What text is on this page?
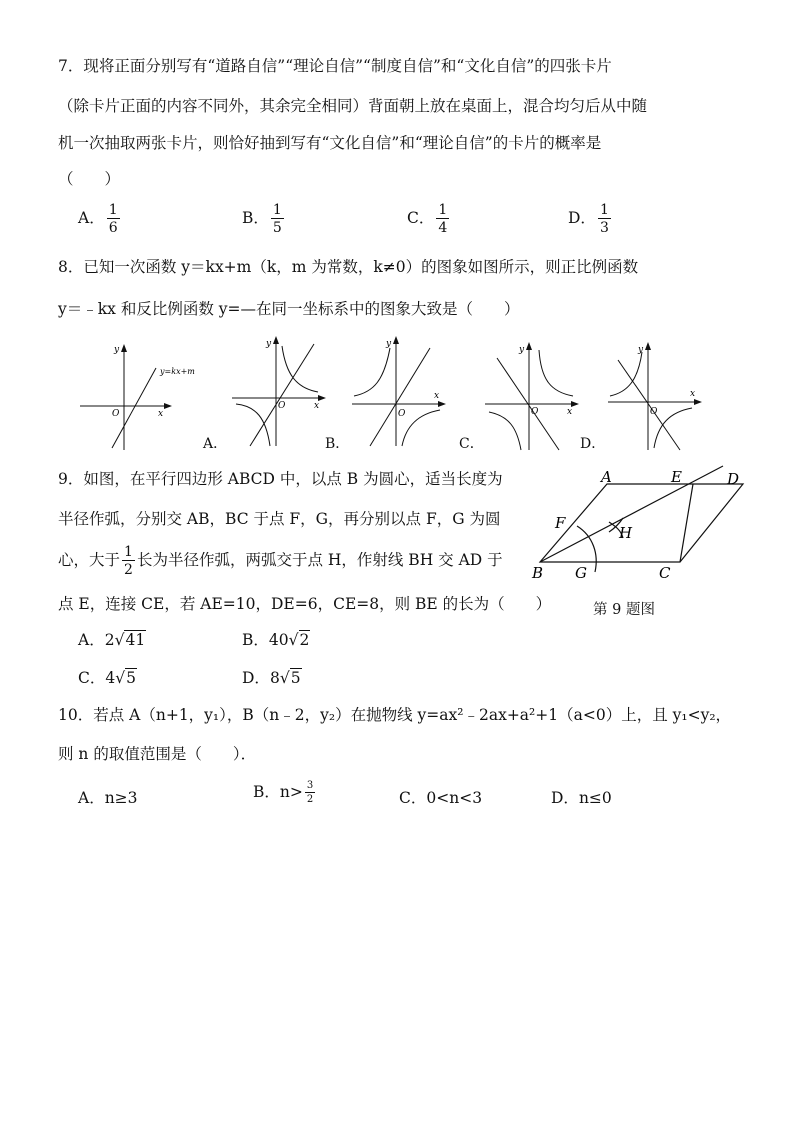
7．现将正面分别写有“道路自信”“理论自信”“制度自信”和“文化自信”的四张卡片
（除卡片正面的内容不同外，其余完全相同）背面朝上放在桌面上，混合均匀后从中随
机一次抽取两张卡片，则恰好抽到写有“文化自信”和“理论自信”的卡片的概率是
（　　）
A． $\frac{1}{6}$	B． $\frac{1}{5}$	C． $\frac{1}{4}$	D． $\frac{1}{3}$
8．已知一次函数 y＝kx+m（k，m 为常数，k≠0）的图象如图所示，则正比例函数
y＝﹣kx 和反比例函数 y=—在同一坐标系中的图象大致是（　　）
y
x
O
y=kx+m
y
x
O
A．
y
x
O
B．
y
x
O
C．
y
x
O
D．
9．如图，在平行四边形 ABCD 中，以点 B 为圆心，适当长度为
半径作弧，分别交 AB，BC 于点 F，G，再分别以点 F，G 为圆
心，大于 $\frac{1}{2}$ 长为半径作弧，两弧交于点 H，作射线 BH 交 AD 于
点 E，连接 CE，若 AE=10，DE=6，CE=8，则 BE 的长为（　　）
A	E	D
F
H
B G	C
第 9 题图
A．2√41	B．40√2
C．4√5	D．8√5
10．若点 A（n+1，y₁），B（n﹣2，y₂）在抛物线 y=ax²﹣2ax+a²+1（a<0）上，且 y₁<y₂，
则 n 的取值范围是（　　）．
A．n≥3	B．$n> \frac{3}{2}$	C．0<n<3	D．n≤0
